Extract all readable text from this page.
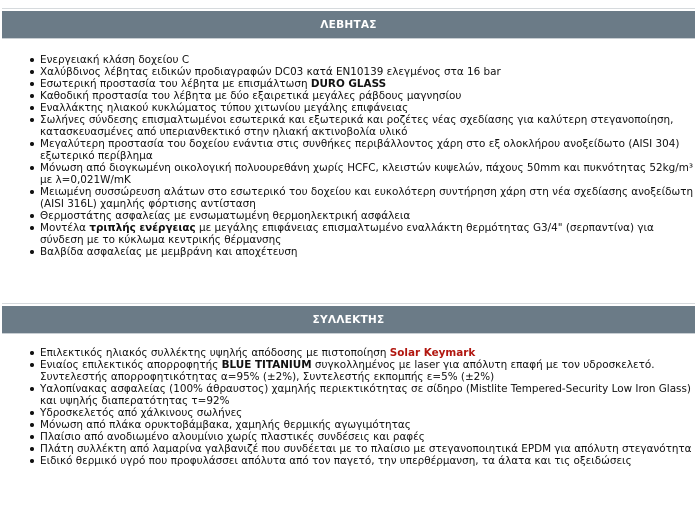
ΛΕΒΗΤΑΣ
Ενεργειακή κλάση δοχείου C
Χαλύβδινος λέβητας ειδικών προδιαγραφών DC03 κατά EN10139 ελεγμένος στα 16 bar
Εσωτερική προστασία του λέβητα με επισμάλτωση DURO GLASS
Καθοδική προστασία του λέβητα με δύο εξαιρετικά μεγάλες ράβδους μαγνησίου
Εναλλάκτης ηλιακού κυκλώματος τύπου χιτωνίου μεγάλης επιφάνειας
Σωλήνες σύνδεσης επισμαλτωμένοι εσωτερικά και εξωτερικά και ροζέτες νέας σχεδίασης για καλύτερη στεγανοποίηση, κατασκευασμένες από υπεριανθεκτικό στην ηλιακή ακτινοβολία υλικό
Μεγαλύτερη προστασία του δοχείου ενάντια στις συνθήκες περιβάλλοντος χάρη στο εξ ολοκλήρου ανοξείδωτο (AISI 304) εξωτερικό περίβλημα
Μόνωση από διογκωμένη οικολογική πολυουρεθάνη χωρίς HCFC, κλειστών κυψελών, πάχους 50mm και πυκνότητας 52kg/m³ με λ=0,021W/mK
Μειωμένη συσσώρευση αλάτων στο εσωτερικό του δοχείου και ευκολότερη συντήρηση χάρη στη νέα σχεδίασης ανοξείδωτη (AISI 316L) χαμηλής φόρτισης αντίσταση
Θερμοστάτης ασφαλείας με ενσωματωμένη θερμοηλεκτρική ασφάλεια
Μοντέλα τριπλής ενέργειας με μεγάλης επιφάνειας επισμαλτωμένο εναλλάκτη θερμότητας G3/4" (σερπαντίνα) για σύνδεση με το κύκλωμα κεντρικής θέρμανσης
Βαλβίδα ασφαλείας με μεμβράνη και αποχέτευση
ΣΥΛΛΕΚΤΗΣ
Επιλεκτικός ηλιακός συλλέκτης υψηλής απόδοσης με πιστοποίηση Solar Keymark
Ενιαίος επιλεκτικός απορροφητής BLUE TITANIUM συγκολλημένος με laser για απόλυτη επαφή με τον υδροσκελετό. Συντελεστής απορροφητικότητας α=95% (±2%), Συντελεστής εκπομπής ε=5% (±2%)
Υαλοπίνακας ασφαλείας (100% άθραυστος) χαμηλής περιεκτικότητας σε σίδηρο (Mistlite Tempered-Security Low Iron Glass) και υψηλής διαπερατότητας τ=92%
Υδροσκελετός από χάλκινους σωλήνες
Μόνωση από πλάκα ορυκτοβάμβακα, χαμηλής θερμικής αγωγιμότητας
Πλαίσιο από ανοδιωμένο αλουμίνιο χωρίς πλαστικές συνδέσεις και ραφές
Πλάτη συλλέκτη από λαμαρίνα γαλβανιζέ που συνδέεται με το πλαίσιο με στεγανοποιητικά EPDM για απόλυτη στεγανότητα
Ειδικό θερμικό υγρό που προφυλάσσει απόλυτα από τον παγετό, την υπερθέρμανση, τα άλατα και τις οξειδώσεις
